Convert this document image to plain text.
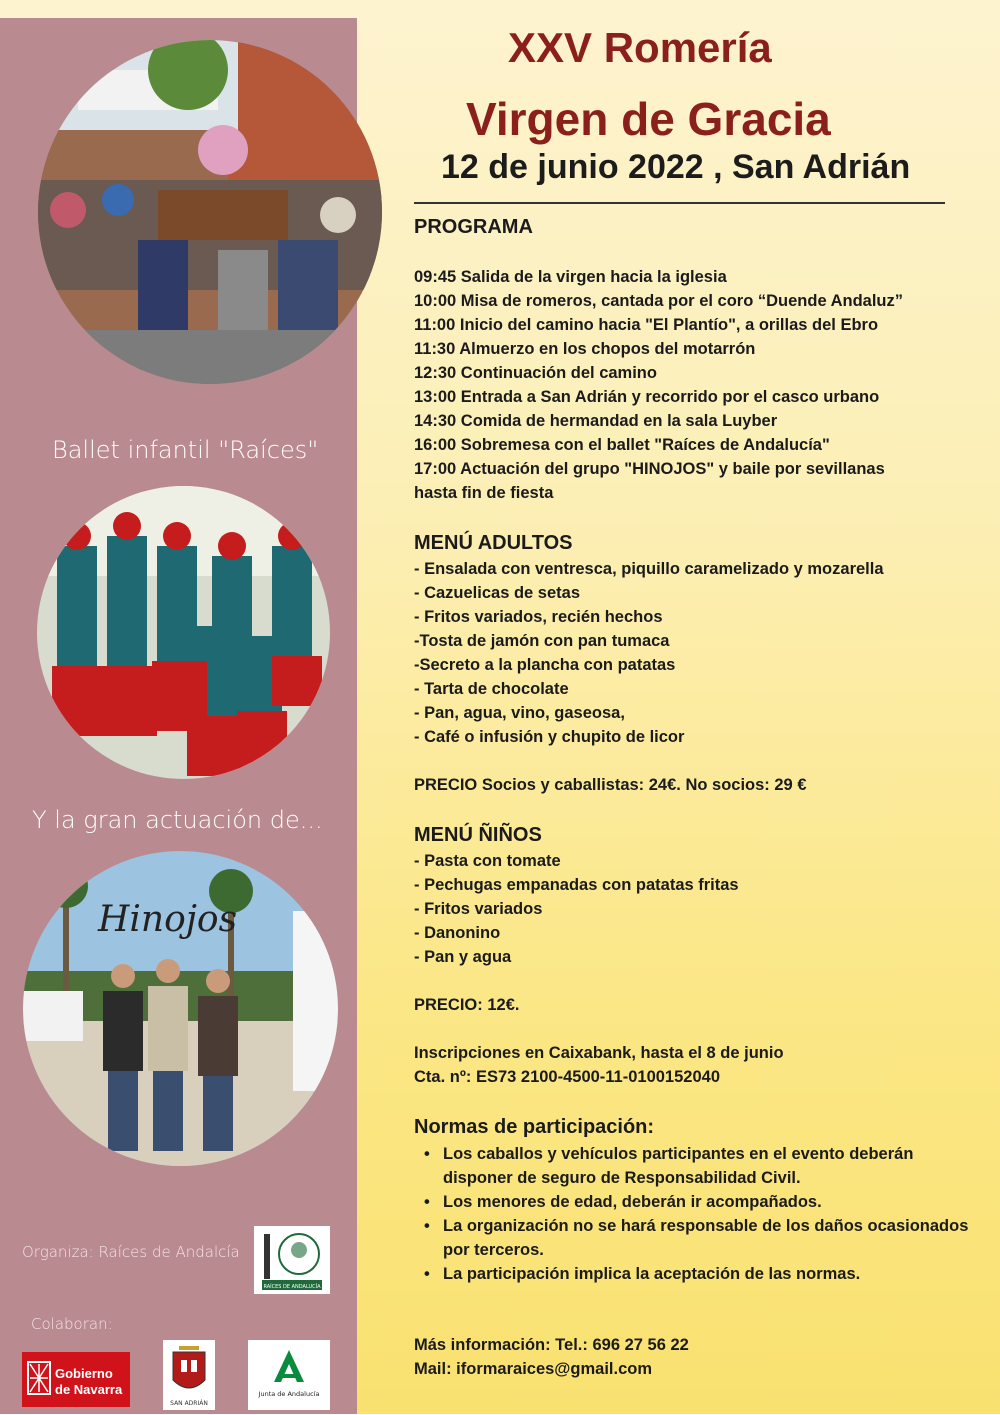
Ballet infantil "Raíces"
Y la gran actuación de...
Hinojos
Organiza: Raíces de Andalcía
RAÍCES DE ANDALUCÍA
Colaboran:
Gobierno
de Navarra
SAN ADRIÁN
Junta de Andalucía
XXV Romería
Virgen de Gracia
12 de junio 2022 , San Adrián
PROGRAMA
09:45 Salida de la virgen hacia la iglesia
10:00 Misa de romeros, cantada por el coro “Duende Andaluz”
11:00 Inicio del camino hacia "El Plantío", a orillas del Ebro
11:30 Almuerzo en los chopos del motarrón
12:30 Continuación del camino
13:00 Entrada a San Adrián y recorrido por el casco urbano
14:30 Comida de hermandad en la sala Luyber
16:00 Sobremesa con el ballet "Raíces de Andalucía"
17:00 Actuación del grupo "HINOJOS" y baile por sevillanas
hasta fin de fiesta
MENÚ ADULTOS
- Ensalada con ventresca, piquillo caramelizado y mozarella
- Cazuelicas de setas
- Fritos variados, recién hechos
-Tosta de jamón con pan tumaca
-Secreto a la plancha con patatas
- Tarta de chocolate
- Pan, agua, vino, gaseosa,
- Café o infusión y chupito de licor
PRECIO Socios y caballistas: 24€. No socios: 29 €
MENÚ ÑIÑOS
- Pasta con tomate
- Pechugas empanadas con patatas fritas
- Fritos variados
- Danonino
- Pan y agua
PRECIO: 12€.
Inscripciones en Caixabank, hasta el 8 de junio
Cta. nº: ES73 2100-4500-11-0100152040
Normas de participación:
Más información: Tel.: 696 27 56 22
Mail: iformaraices@gmail.com
• Los caballos y vehículos participantes en el evento deberán disponer de seguro de Responsabilidad Civil.
• Los menores de edad, deberán ir acompañados.
• La organización no se hará responsable de los daños ocasionados por terceros.
• La participación implica la aceptación de las normas.
